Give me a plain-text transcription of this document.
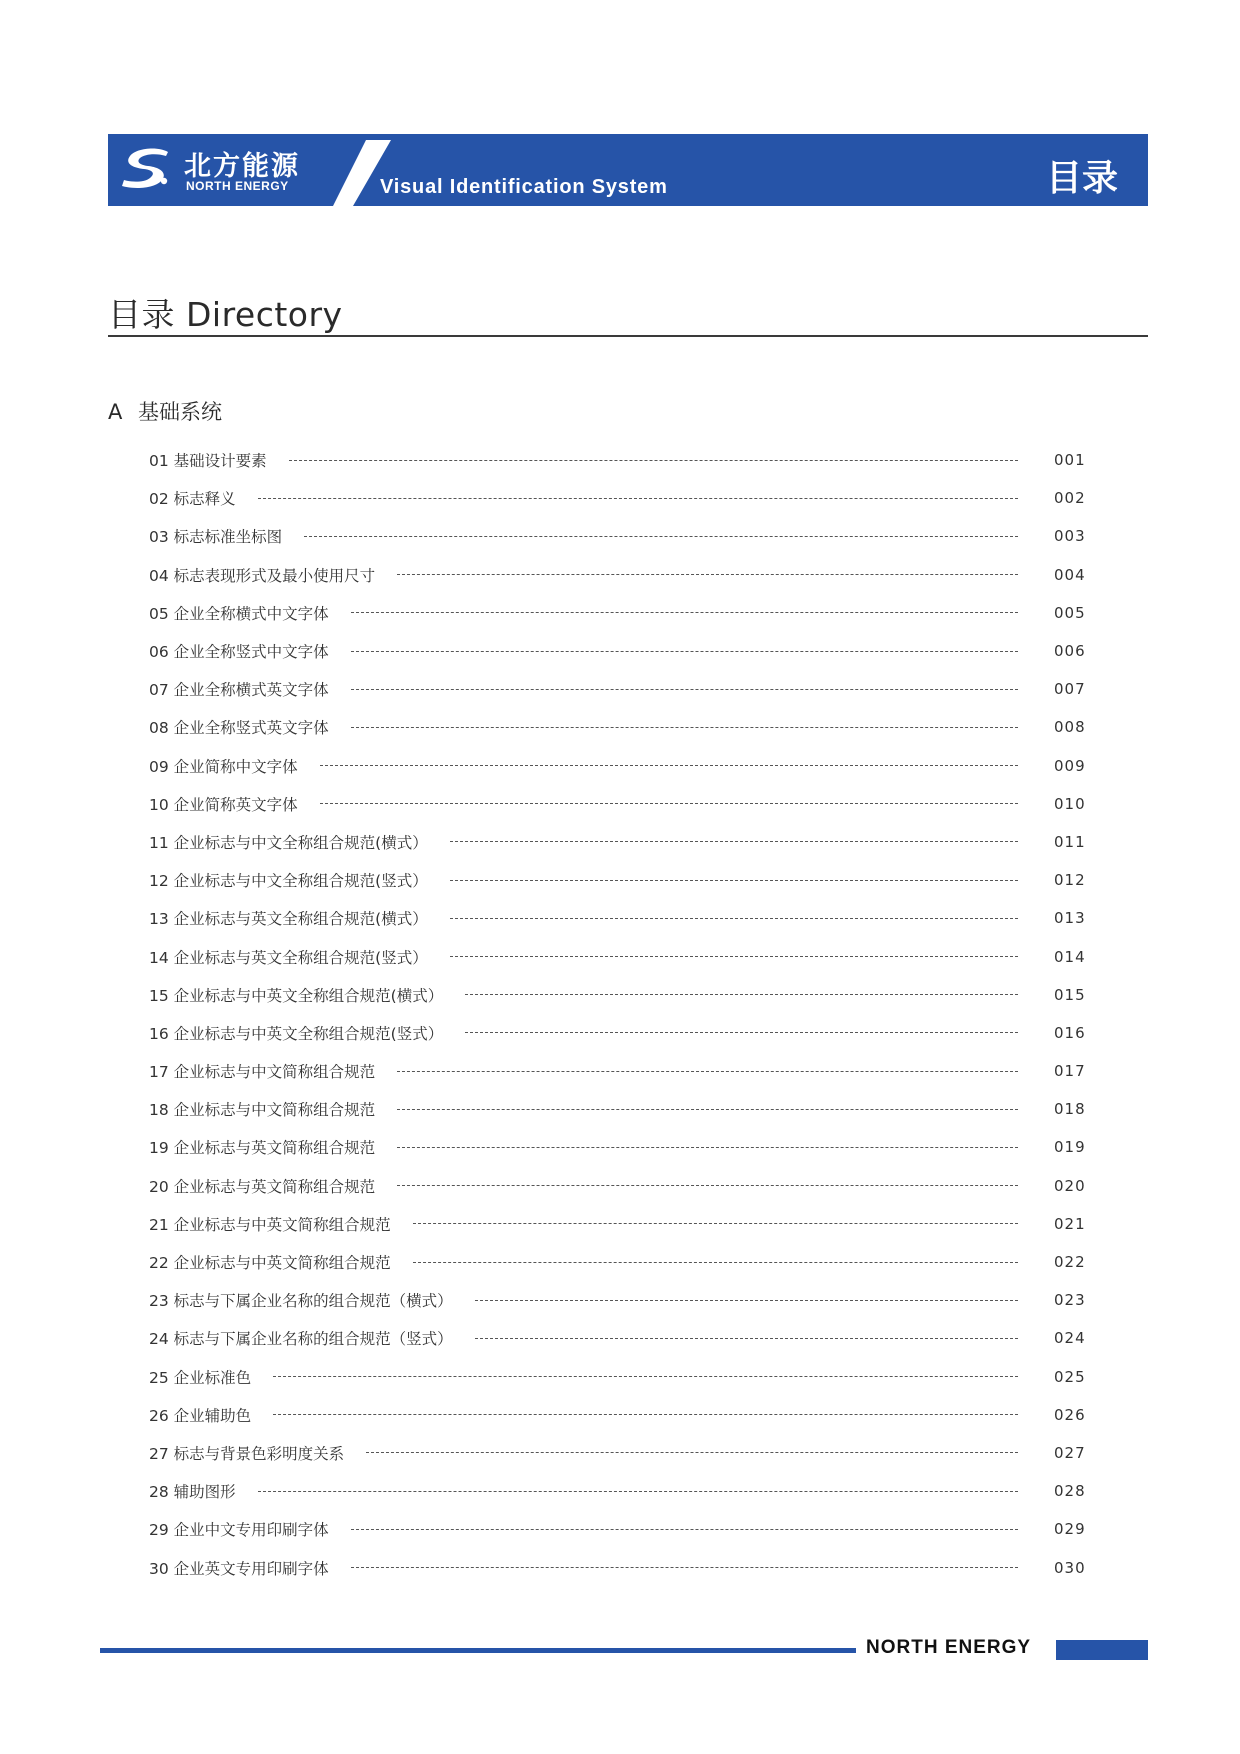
北方能源
NORTH ENERGY	Visual Identification System	目录
目录 Directory
A 基础系统
01 基础设计要素	001
02 标志释义	002
03 标志标准坐标图	003
04 标志表现形式及最小使用尺寸	004
05 企业全称横式中文字体	005
06 企业全称竖式中文字体	006
07 企业全称横式英文字体	007
08 企业全称竖式英文字体	008
09 企业简称中文字体	009
10 企业简称英文字体	010
11 企业标志与中文全称组合规范(横式）	011
12 企业标志与中文全称组合规范(竖式）	012
13 企业标志与英文全称组合规范(横式）	013
14 企业标志与英文全称组合规范(竖式）	014
15 企业标志与中英文全称组合规范(横式）	015
16 企业标志与中英文全称组合规范(竖式）	016
17 企业标志与中文简称组合规范	017
18 企业标志与中文简称组合规范	018
19 企业标志与英文简称组合规范	019
20 企业标志与英文简称组合规范	020
21 企业标志与中英文简称组合规范	021
22 企业标志与中英文简称组合规范	022
23 标志与下属企业名称的组合规范（横式）	023
24 标志与下属企业名称的组合规范（竖式）	024
25 企业标准色	025
26 企业辅助色	026
27 标志与背景色彩明度关系	027
28 辅助图形	028
29 企业中文专用印刷字体	029
30 企业英文专用印刷字体	030
NORTH ENERGY
